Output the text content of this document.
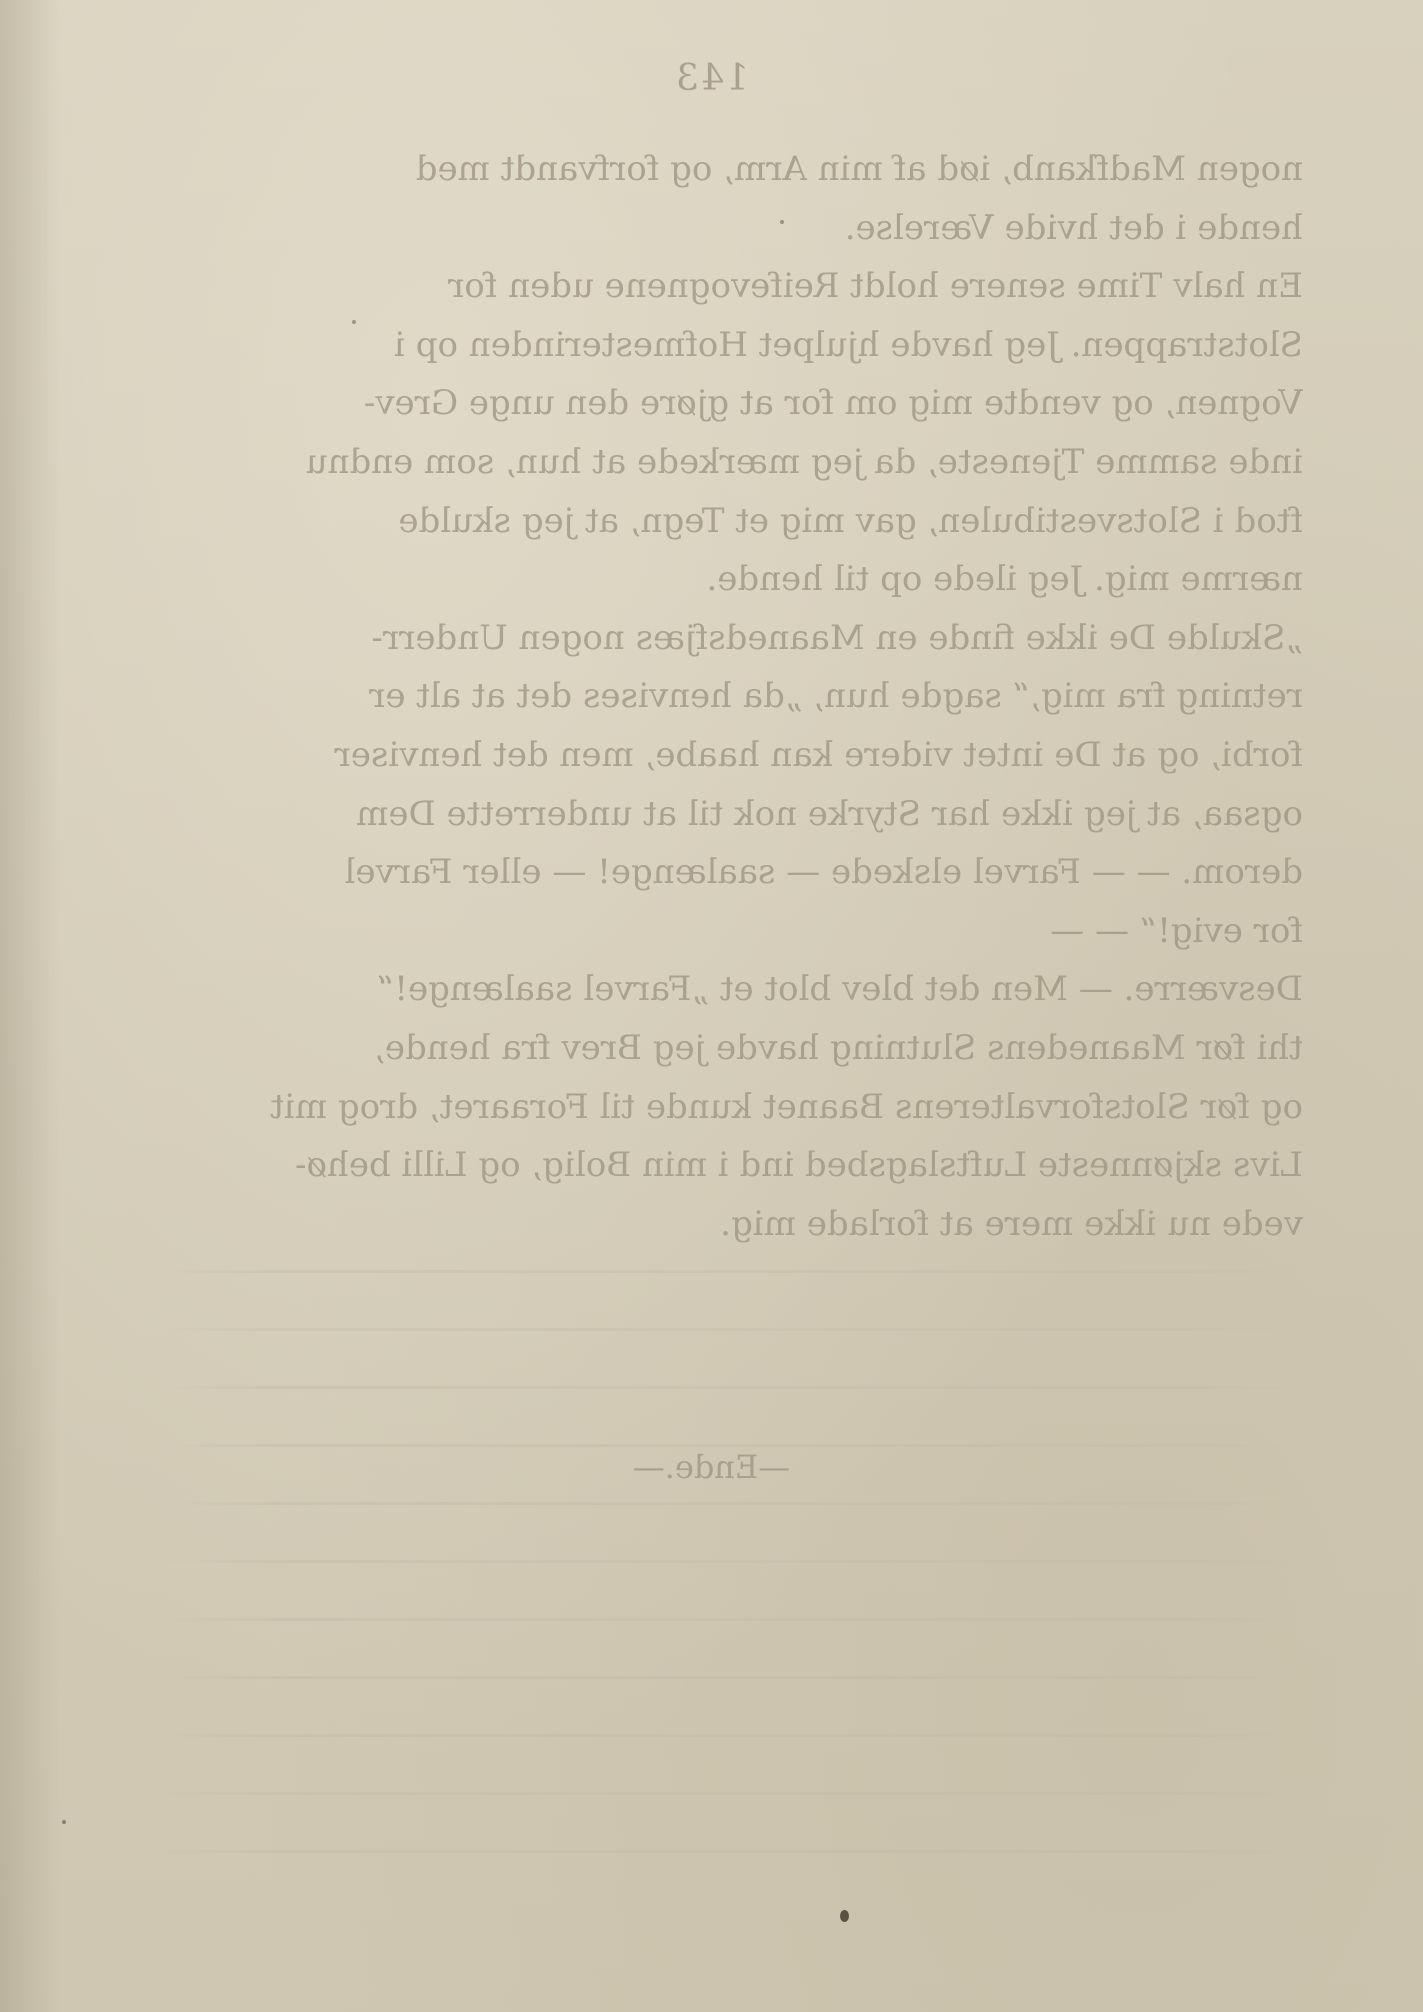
143
nogen Madfkanb, iød af min Arm, og forfvandt med
hende i det hvide Værelse.
En halv Time senere holdt Reifevognene uden for
Slotstrappen. Jeg havde hjulpet Hofmesterinden op i
Vognen, og vendte mig om for at gjøre den unge Grev-
inde samme Tjeneste, da jeg mærkede at hun, som endnu
ftod i Slotsvestibulen, gav mig et Tegn, at jeg skulde
nærme mig. Jeg ilede op til hende.
„Skulde De ikke finde en Maanedsfjæs nogen Underr-
retning fra mig,“ sagde hun, „da henvises det at alt er
forbi, og at De intet videre kan haabe, men det henviser
ogsaa, at jeg ikke har Styrke nok til at underrette Dem
derom. — — Farvel elskede — saalænge! — eller Farvel
for evig!“ — —
Desværre. — Men det blev blot et „Farvel saalænge!“
thi før Maanedens Slutning havde jeg Brev fra hende,
og før Slotsforvalterens Baanet kunde til Foraaret, drog mit
Livs skjønneste Luftslagsbed ind i min Bolig, og Lilli behø-
vede nu ikke mere at forlade mig.
—Ende.—
